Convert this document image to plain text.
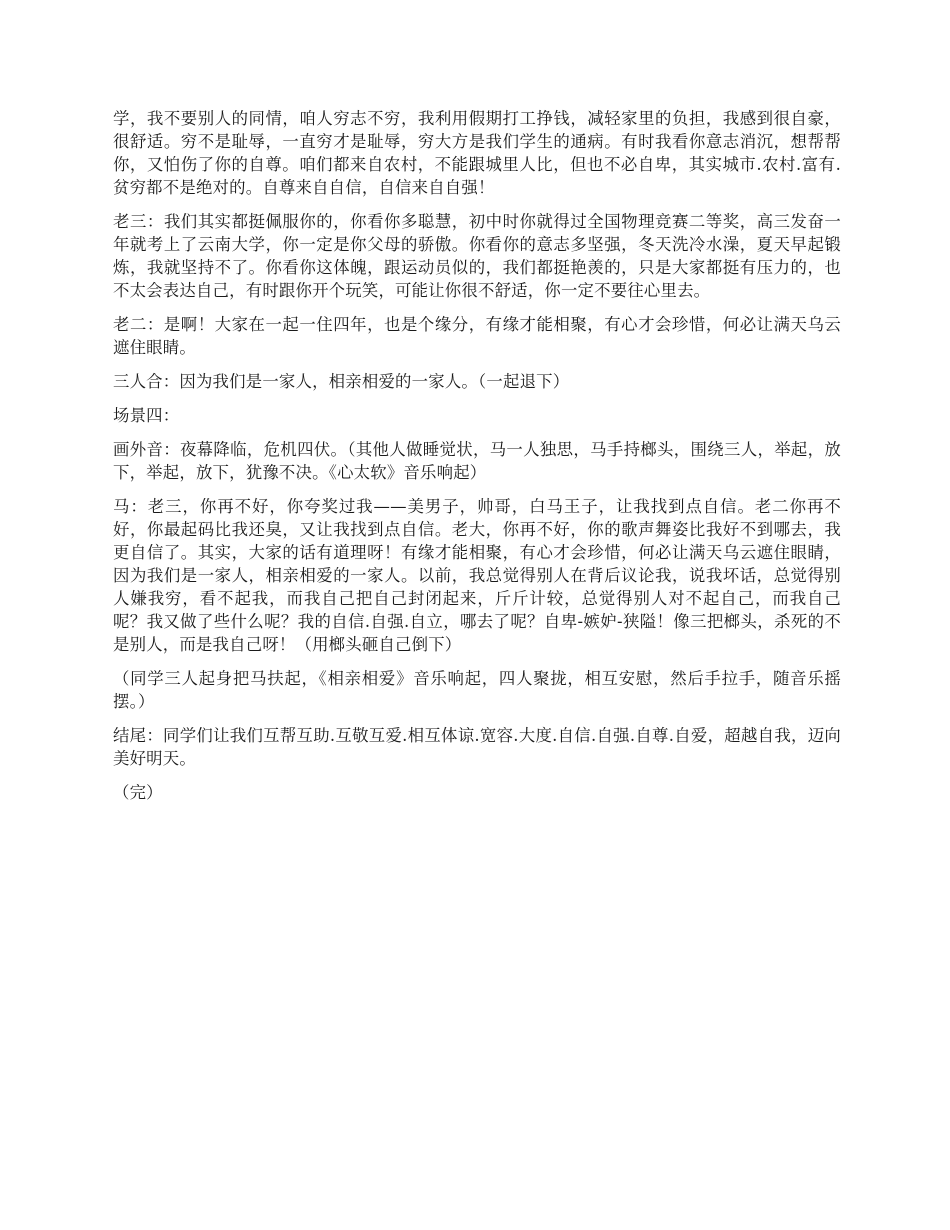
学，我不要别人的同情，咱人穷志不穷，我利用假期打工挣钱，减轻家里的负担，我感到很自豪，很舒适。穷不是耻辱，一直穷才是耻辱，穷大方是我们学生的通病。有时我看你意志消沉，想帮帮你，又怕伤了你的自尊。咱们都来自农村，不能跟城里人比，但也不必自卑，其实城市.农村.富有.贫穷都不是绝对的。自尊来自自信，自信来自自强！

老三：我们其实都挺佩服你的，你看你多聪慧，初中时你就得过全国物理竞赛二等奖，高三发奋一年就考上了云南大学，你一定是你父母的骄傲。你看你的意志多坚强，冬天洗冷水澡，夏天早起锻炼，我就坚持不了。你看你这体魄，跟运动员似的，我们都挺艳羡的，只是大家都挺有压力的，也不太会表达自己，有时跟你开个玩笑，可能让你很不舒适，你一定不要往心里去。

老二：是啊！大家在一起一住四年，也是个缘分，有缘才能相聚，有心才会珍惜，何必让满天乌云遮住眼睛。

三人合：因为我们是一家人，相亲相爱的一家人。（一起退下）

场景四：

画外音：夜幕降临，危机四伏。（其他人做睡觉状，马一人独思，马手持榔头，围绕三人，举起，放下，举起，放下，犹豫不决。《心太软》音乐响起）

马：老三，你再不好，你夸奖过我——美男子，帅哥，白马王子，让我找到点自信。老二你再不好，你最起码比我还臭，又让我找到点自信。老大，你再不好，你的歌声舞姿比我好不到哪去，我更自信了。其实，大家的话有道理呀！有缘才能相聚，有心才会珍惜，何必让满天乌云遮住眼睛，因为我们是一家人，相亲相爱的一家人。以前，我总觉得别人在背后议论我，说我坏话，总觉得别人嫌我穷，看不起我，而我自己把自己封闭起来，斤斤计较，总觉得别人对不起自己，而我自己呢？我又做了些什么呢？我的自信.自强.自立，哪去了呢？自卑-嫉妒-狭隘！像三把榔头，杀死的不是别人，而是我自己呀！（用榔头砸自己倒下）

（同学三人起身把马扶起，《相亲相爱》音乐响起，四人聚拢，相互安慰，然后手拉手，随音乐摇摆。）

结尾：同学们让我们互帮互助.互敬互爱.相互体谅.宽容.大度.自信.自强.自尊.自爱，超越自我，迈向美好明天。

（完）
